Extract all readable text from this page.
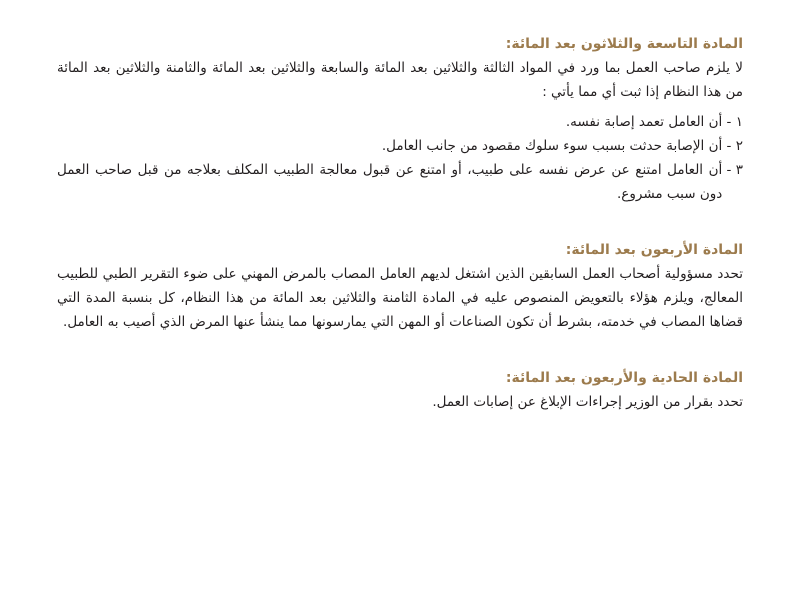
المادة التاسعة والثلاثون بعد المائة:

لا يلزم صاحب العمل بما ورد في المواد الثالثة والثلاثين بعد المائة والسابعة والثلاثين بعد المائة والثامنة والثلاثين بعد المائة من هذا النظام إذا ثبت أي مما يأتي :

١ -
أن العامل تعمد إصابة نفسه.
٢ -
أن الإصابة حدثت بسبب سوء سلوك مقصود من جانب العامل.
٣ -
أن العامل امتنع عن عرض نفسه على طبيب، أو امتنع عن قبول معالجة الطبيب المكلف بعلاجه من قبل صاحب العمل دون سبب مشروع.
المادة الأربعون بعد المائة:

تحدد مسؤولية أصحاب العمل السابقين الذين اشتغل لديهم العامل المصاب بالمرض المهني على ضوء التقرير الطبي للطبيب المعالج، ويلزم هؤلاء بالتعويض المنصوص عليه في المادة الثامنة والثلاثين بعد المائة من هذا النظام، كل بنسبة المدة التي قضاها المصاب في خدمته، بشرط أن تكون الصناعات أو المهن التي يمارسونها مما ينشأ عنها المرض الذي أصيب به العامل.

المادة الحادية والأربعون بعد المائة:

تحدد بقرار من الوزير إجراءات الإبلاغ عن إصابات العمل.
